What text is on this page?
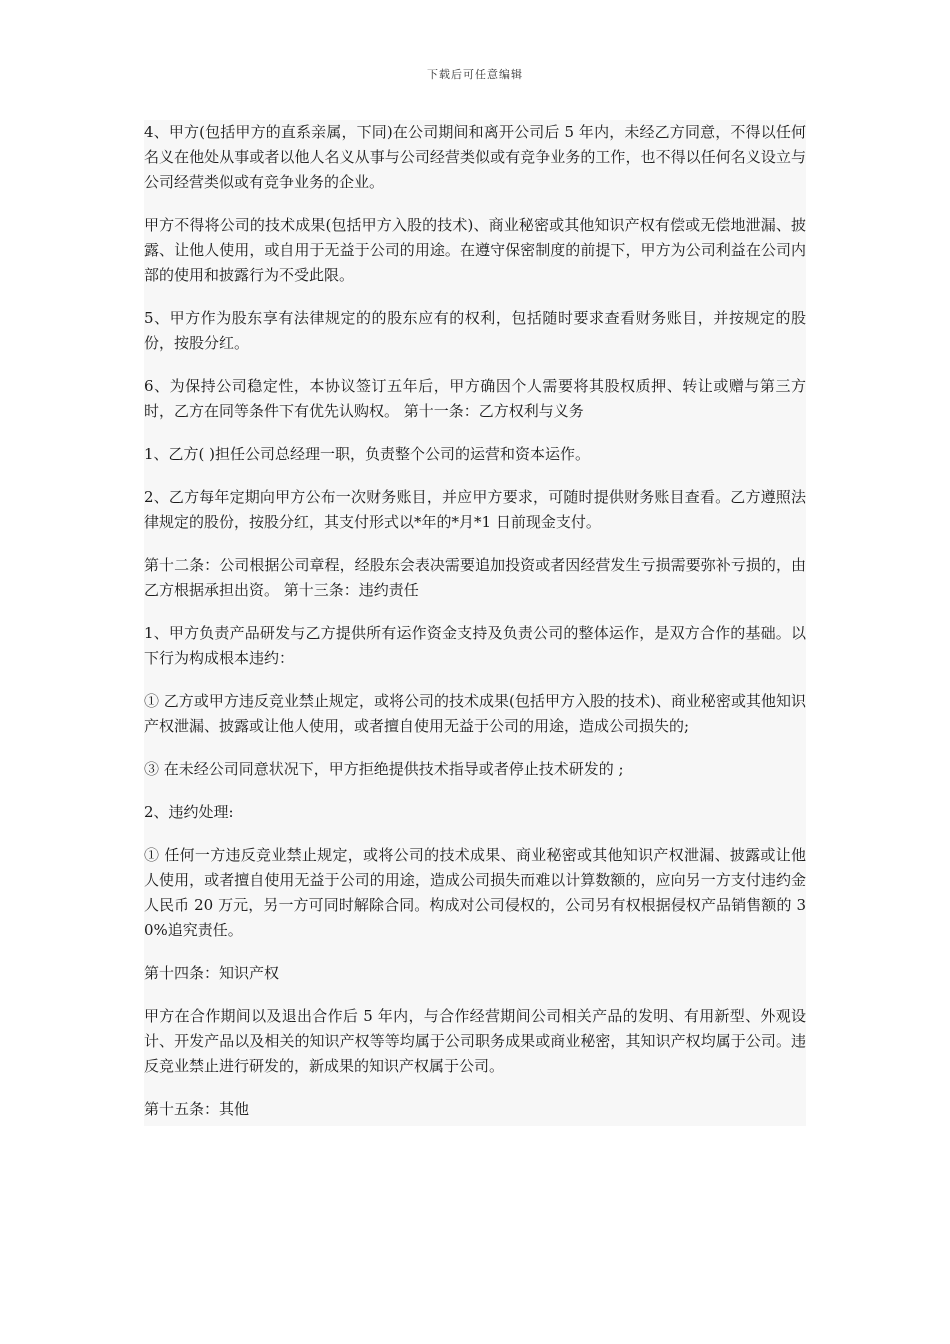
下载后可任意编辑

4、甲方(包括甲方的直系亲属，下同)在公司期间和离开公司后 5 年内，未经乙方同意，不得以任何名义在他处从事或者以他人名义从事与公司经营类似或有竞争业务的工作，也不得以任何名义设立与公司经营类似或有竞争业务的企业。

甲方不得将公司的技术成果(包括甲方入股的技术)、商业秘密或其他知识产权有偿或无偿地泄漏、披露、让他人使用，或自用于无益于公司的用途。在遵守保密制度的前提下，甲方为公司利益在公司内部的使用和披露行为不受此限。

5、甲方作为股东享有法律规定的的股东应有的权利，包括随时要求查看财务账目，并按规定的股份，按股分红。

6、为保持公司稳定性，本协议签订五年后，甲方确因个人需要将其股权质押、转让或赠与第三方时，乙方在同等条件下有优先认购权。 第十一条：乙方权利与义务

1、乙方( )担任公司总经理一职，负责整个公司的运营和资本运作。

2、乙方每年定期向甲方公布一次财务账目，并应甲方要求，可随时提供财务账目查看。乙方遵照法律规定的股份，按股分红，其支付形式以*年的*月*1 日前现金支付。

第十二条：公司根据公司章程，经股东会表决需要追加投资或者因经营发生亏损需要弥补亏损的，由乙方根据承担出资。 第十三条：违约责任

1、甲方负责产品研发与乙方提供所有运作资金支持及负责公司的整体运作，是双方合作的基础。以下行为构成根本违约：

① 乙方或甲方违反竞业禁止规定，或将公司的技术成果(包括甲方入股的技术)、商业秘密或其他知识产权泄漏、披露或让他人使用，或者擅自使用无益于公司的用途，造成公司损失的;

③ 在未经公司同意状况下，甲方拒绝提供技术指导或者停止技术研发的 ;

2、违约处理:

① 任何一方违反竞业禁止规定，或将公司的技术成果、商业秘密或其他知识产权泄漏、披露或让他人使用，或者擅自使用无益于公司的用途，造成公司损失而难以计算数额的，应向另一方支付违约金人民币 20 万元，另一方可同时解除合同。构成对公司侵权的，公司另有权根据侵权产品销售额的 30%追究责任。

第十四条：知识产权

甲方在合作期间以及退出合作后 5 年内，与合作经营期间公司相关产品的发明、有用新型、外观设计、开发产品以及相关的知识产权等等均属于公司职务成果或商业秘密，其知识产权均属于公司。违反竞业禁止进行研发的，新成果的知识产权属于公司。

第十五条：其他
